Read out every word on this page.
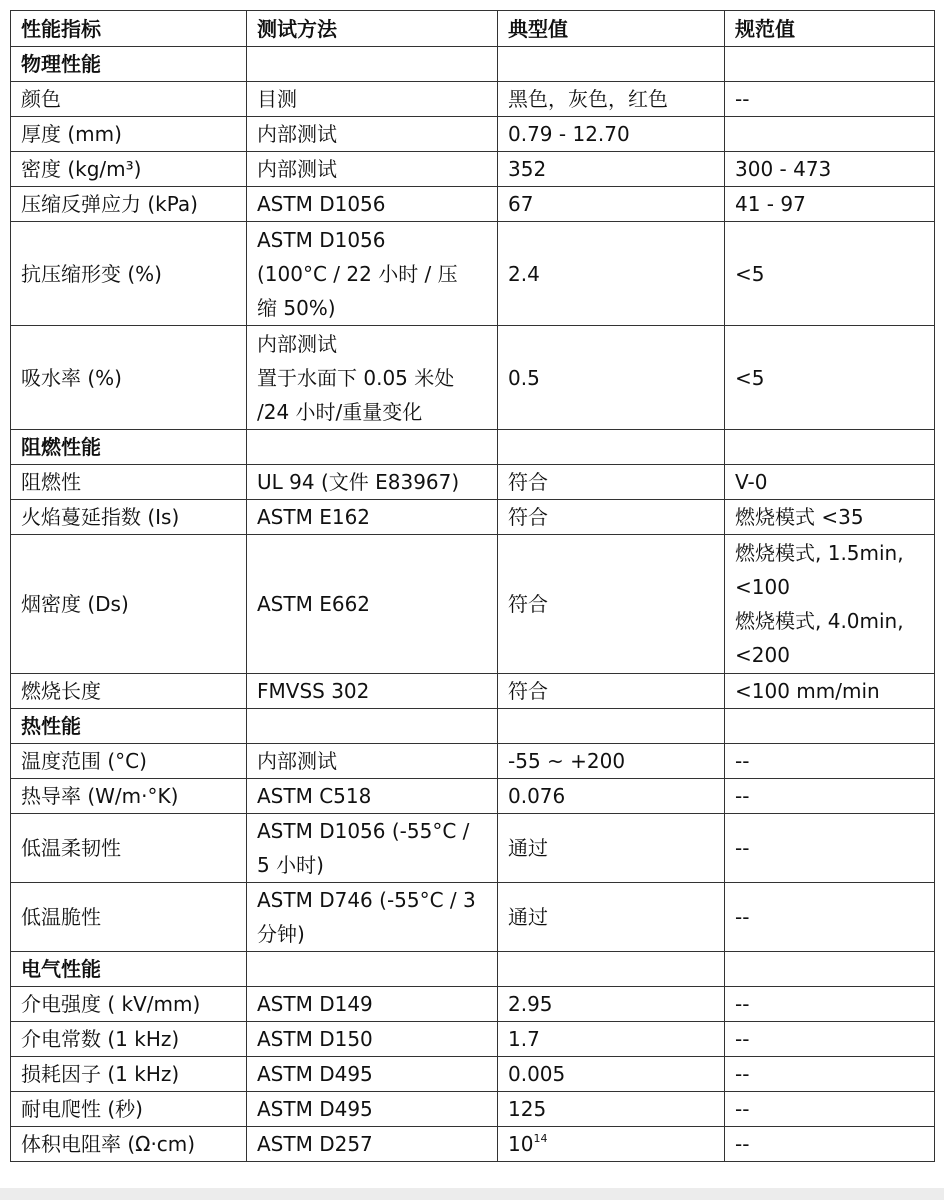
性能指标	测试方法	典型值	规范值
物理性能			

颜色	目测	黑色，灰色，红色	--

厚度 (mm)	内部测试	0.79 - 12.70	

密度 (kg/m³)	内部测试	352	300 - 473

压缩反弹应力 (kPa)	ASTM D1056	67	41 - 97

抗压缩形变 (%)	ASTM D1056
(100°C / 22 小时 / 压
缩 50%)	2.4	<5

吸水率 (%)	内部测试
置于水面下 0.05 米处
/24 小时/重量变化	0.5	<5

阻燃性能			

阻燃性	UL 94 (文件 E83967)	符合	V-0

火焰蔓延指数 (Is)	ASTM E162	符合	燃烧模式 <35

烟密度 (Ds)	ASTM E662	符合	燃烧模式, 1.5min,
<100
燃烧模式, 4.0min,
<200

燃烧长度	FMVSS 302	符合	<100 mm/min

热性能			

温度范围 (°C)	内部测试	-55 ~ +200	--

热导率 (W/m·°K)	ASTM C518	0.076	--

低温柔韧性	ASTM D1056 (-55°C /
5 小时)	通过	--

低温脆性	ASTM D746 (-55°C / 3
分钟)	通过	--

电气性能			

介电强度 ( kV/mm)	ASTM D149	2.95	--

介电常数 (1 kHz)	ASTM D150	1.7	--

损耗因子 (1 kHz)	ASTM D495	0.005	--

耐电爬性 (秒)	ASTM D495	125	--

体积电阻率 (Ω·cm)	ASTM D257	$10^{14}$	--
